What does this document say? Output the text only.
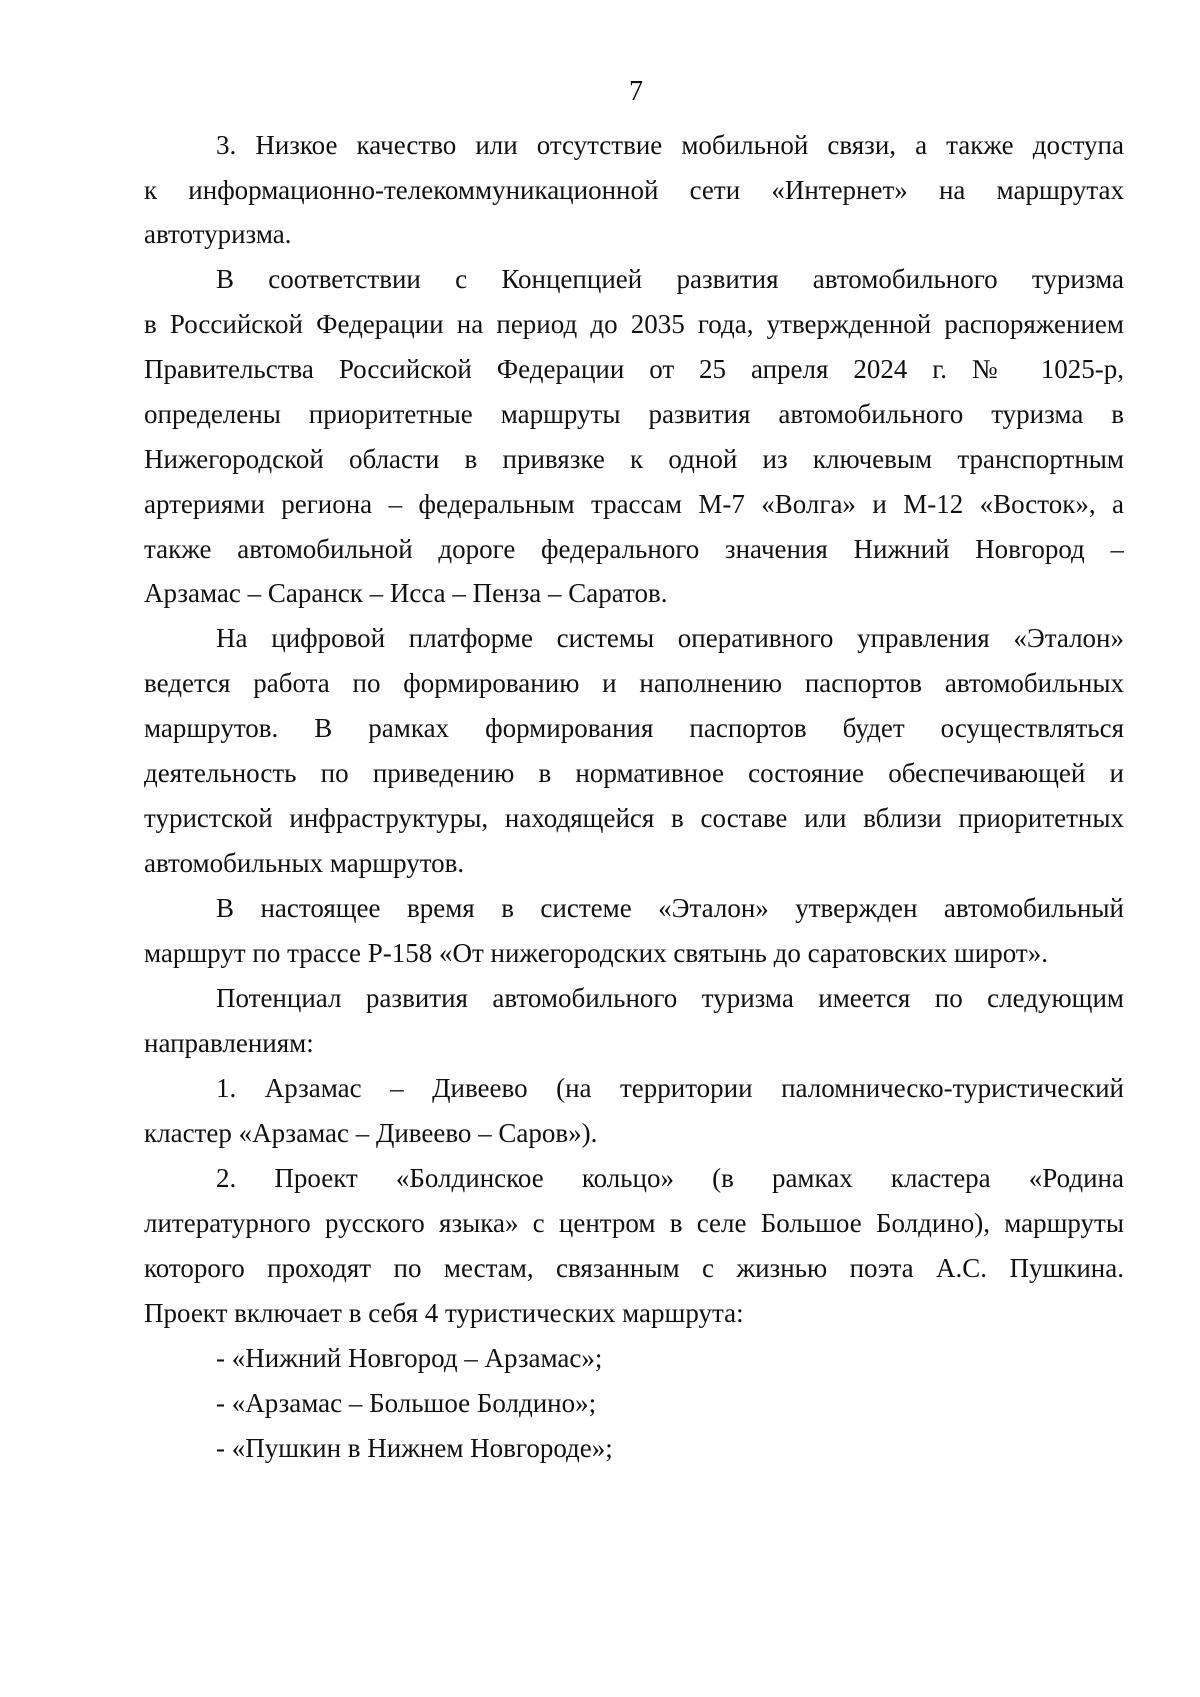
7
3. Низкое качество или отсутствие мобильной связи, а также доступа
к информационно-телекоммуникационной сети «Интернет» на маршрутах
автотуризма.
В соответствии с Концепцией развития автомобильного туризма
в Российской Федерации на период до 2035 года, утвержденной распоряжением
Правительства Российской Федерации от 25 апреля 2024 г. № 1025-р,
определены приоритетные маршруты развития автомобильного туризма в
Нижегородской области в привязке к одной из ключевым транспортным
артериями региона – федеральным трассам М-7 «Волга» и М-12 «Восток», а
также автомобильной дороге федерального значения Нижний Новгород –
Арзамас – Саранск – Исса – Пенза – Саратов.
На цифровой платформе системы оперативного управления «Эталон»
ведется работа по формированию и наполнению паспортов автомобильных
маршрутов. В рамках формирования паспортов будет осуществляться
деятельность по приведению в нормативное состояние обеспечивающей и
туристской инфраструктуры, находящейся в составе или вблизи приоритетных
автомобильных маршрутов.
В настоящее время в системе «Эталон» утвержден автомобильный
маршрут по трассе Р-158 «От нижегородских святынь до саратовских широт».
Потенциал развития автомобильного туризма имеется по следующим
направлениям:
1. Арзамас – Дивеево (на территории паломническо-туристический
кластер «Арзамас – Дивеево – Саров»).
2. Проект «Болдинское кольцо» (в рамках кластера «Родина
литературного русского языка» с центром в селе Большое Болдино), маршруты
которого проходят по местам, связанным с жизнью поэта А.С. Пушкина.
Проект включает в себя 4 туристических маршрута:
- «Нижний Новгород – Арзамас»;
- «Арзамас – Большое Болдино»;
- «Пушкин в Нижнем Новгороде»;
